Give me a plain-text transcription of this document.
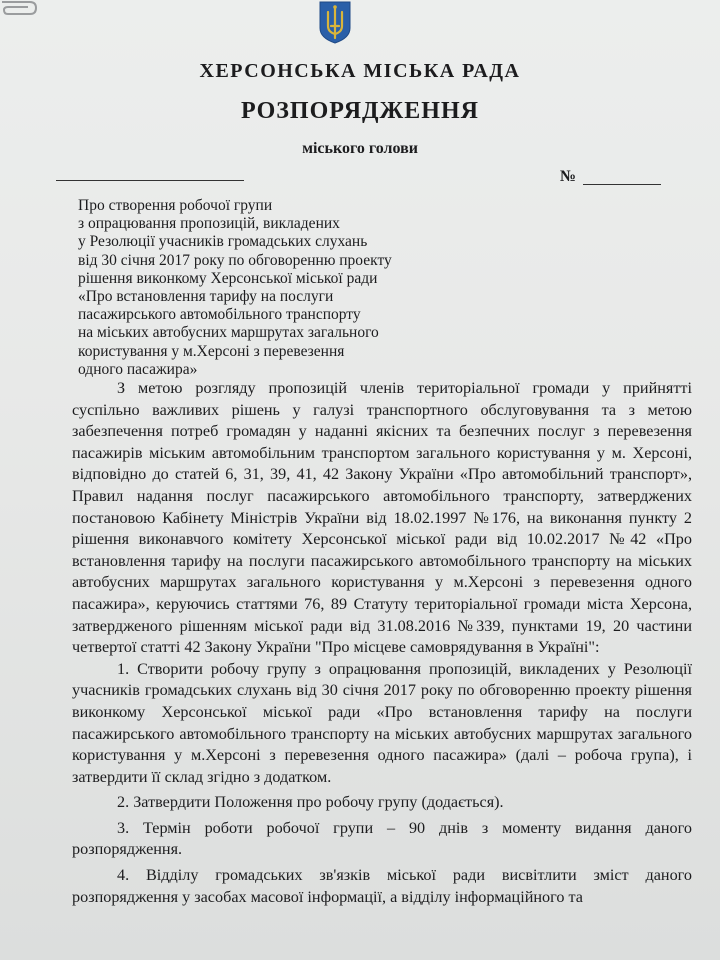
ХЕРСОНСЬКА МІСЬКА РАДА
РОЗПОРЯДЖЕННЯ
міського голови
№
Про створення робочої групи
з опрацювання пропозицій, викладених
у Резолюції учасників громадських слухань
від 30 січня 2017 року по обговоренню проекту
рішення виконкому Херсонської міської ради
«Про встановлення тарифу на послуги
пасажирського автомобільного транспорту
на міських автобусних маршрутах загального
користування у м.Херсоні з перевезення
одного пасажира»

З метою розгляду пропозицій членів територіальної громади у прийнятті суспільно важливих рішень у галузі транспортного обслуговування та з метою забезпечення потреб громадян у наданні якісних та безпечних послуг з перевезення пасажирів міським автомобільним транспортом загального користування у м. Херсоні, відповідно до статей 6, 31, 39, 41, 42 Закону України «Про автомобільний транспорт», Правил надання послуг пасажирського автомобільного транспорту, затверджених постановою Кабінету Міністрів України від 18.02.1997 №176, на виконання пункту 2 рішення виконавчого комітету Херсонської міської ради від 10.02.2017 №42 «Про встановлення тарифу на послуги пасажирського автомобільного транспорту на міських автобусних маршрутах загального користування у м.Херсоні з перевезення одного пасажира», керуючись статтями 76, 89 Статуту територіальної громади міста Херсона, затвердженого рішенням міської ради від 31.08.2016 №339, пунктами 19, 20 частини четвертої статті 42 Закону України "Про місцеве самоврядування в Україні":

1. Створити робочу групу з опрацювання пропозицій, викладених у Резолюції учасників громадських слухань від 30 січня 2017 року по обговоренню проекту рішення виконкому Херсонської міської ради «Про встановлення тарифу на послуги пасажирського автомобільного транспорту на міських автобусних маршрутах загального користування у м.Херсоні з перевезення одного пасажира» (далі – робоча група), і затвердити її склад згідно з додатком.

2. Затвердити Положення про робочу групу (додається).

3. Термін роботи робочої групи – 90 днів з моменту видання даного розпорядження.

4. Відділу громадських зв'язків міської ради висвітлити зміст даного розпорядження у засобах масової інформації, а відділу інформаційного та
